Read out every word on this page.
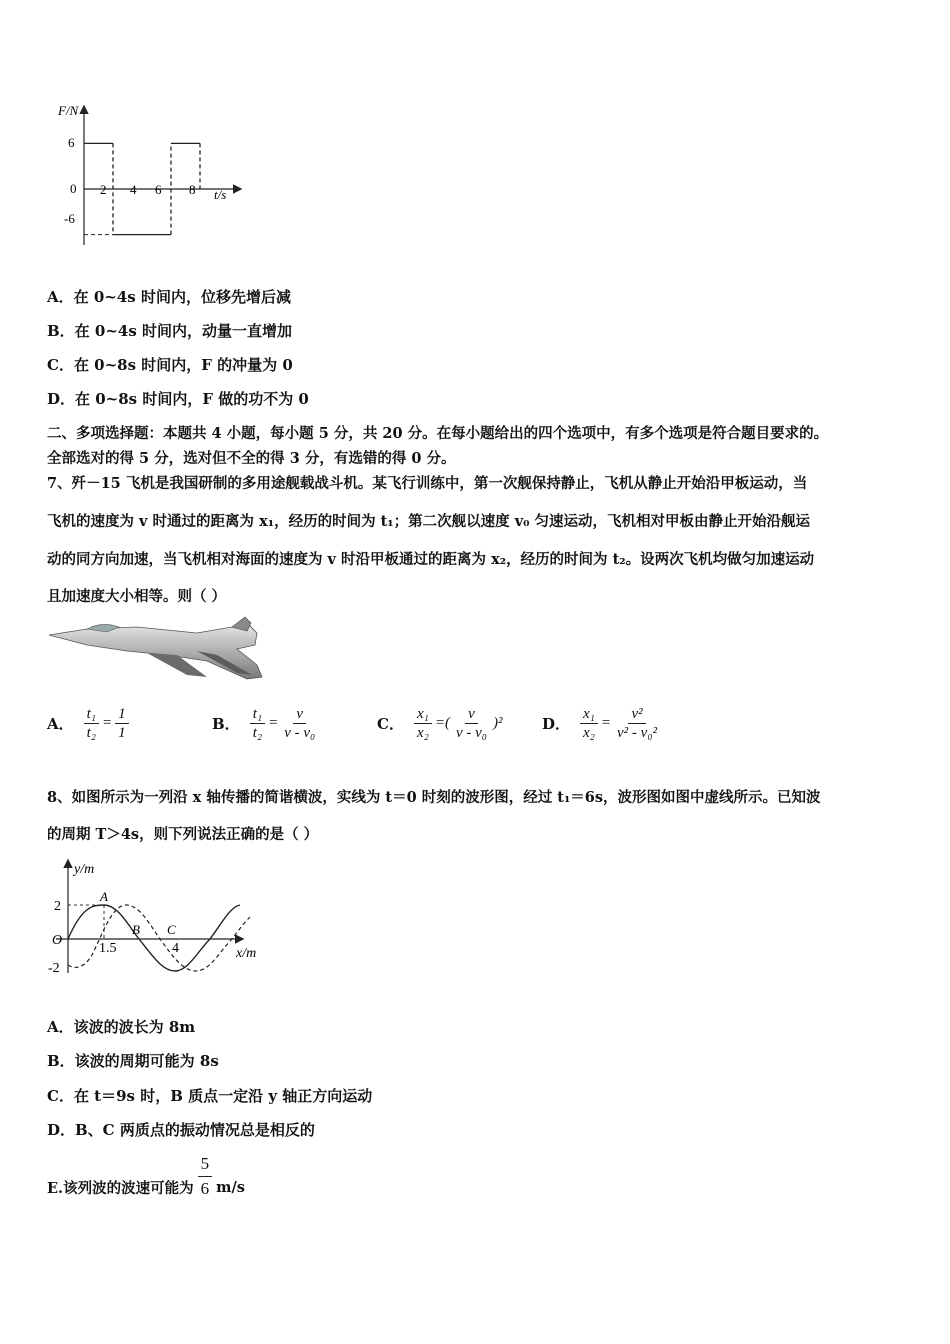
F/N
t/s
6
0
-6
2 4 6 8
A．在 0~4s 时间内，位移先增后减
B．在 0~4s 时间内，动量一直增加
C．在 0~8s 时间内，F 的冲量为 0
D．在 0~8s 时间内，F 做的功不为 0
二、多项选择题：本题共 4 小题，每小题 5 分，共 20 分。在每小题给出的四个选项中，有多个选项是符合题目要求的。
全部选对的得 5 分，选对但不全的得 3 分，有选错的得 0 分。
7、歼－15 飞机是我国研制的多用途舰载战斗机。某飞行训练中，第一次舰保持静止，飞机从静止开始沿甲板运动，当
飞机的速度为 v 时通过的距离为 x₁，经历的时间为 t₁；第二次舰以速度 v₀ 匀速运动，飞机相对甲板由静止开始沿舰运
动的同方向加速，当飞机相对海面的速度为 v 时沿甲板通过的距离为 x₂，经历的时间为 t₂。设两次飞机均做匀加速运动
且加速度大小相等。则（ ）
A． $\frac{\text{t₁}}{\text{t₂}} = \frac{1}{1}$	B． $\frac{\text{t₁}}{\text{t₂}} = \frac{v}{\text{v - v₀}}$	C． $\frac{\text{x₁}}{\text{x₂}}$ =( $\frac{v}{\text{v - v₀}} )^2$	D． $\frac{\text{x₁}}{\text{x₂}} = \frac{\text{v²}}{\text{v² - v₀²}}$
8、如图所示为一列沿 x 轴传播的简谐横波，实线为 t＝0 时刻的波形图，经过 t₁＝6s，波形图如图中虚线所示。已知波
的周期 T＞4s，则下列说法正确的是（ ）
y/m
x/m
O
2
-2
1.5	4
A
B C
A．该波的波长为 8m
B．该波的周期可能为 8s
C．在 t＝9s 时，B 质点一定沿 y 轴正方向运动
D．B、C 两质点的振动情况总是相反的
E.该列波的波速可能为 $\frac{5}{6} m/s$
